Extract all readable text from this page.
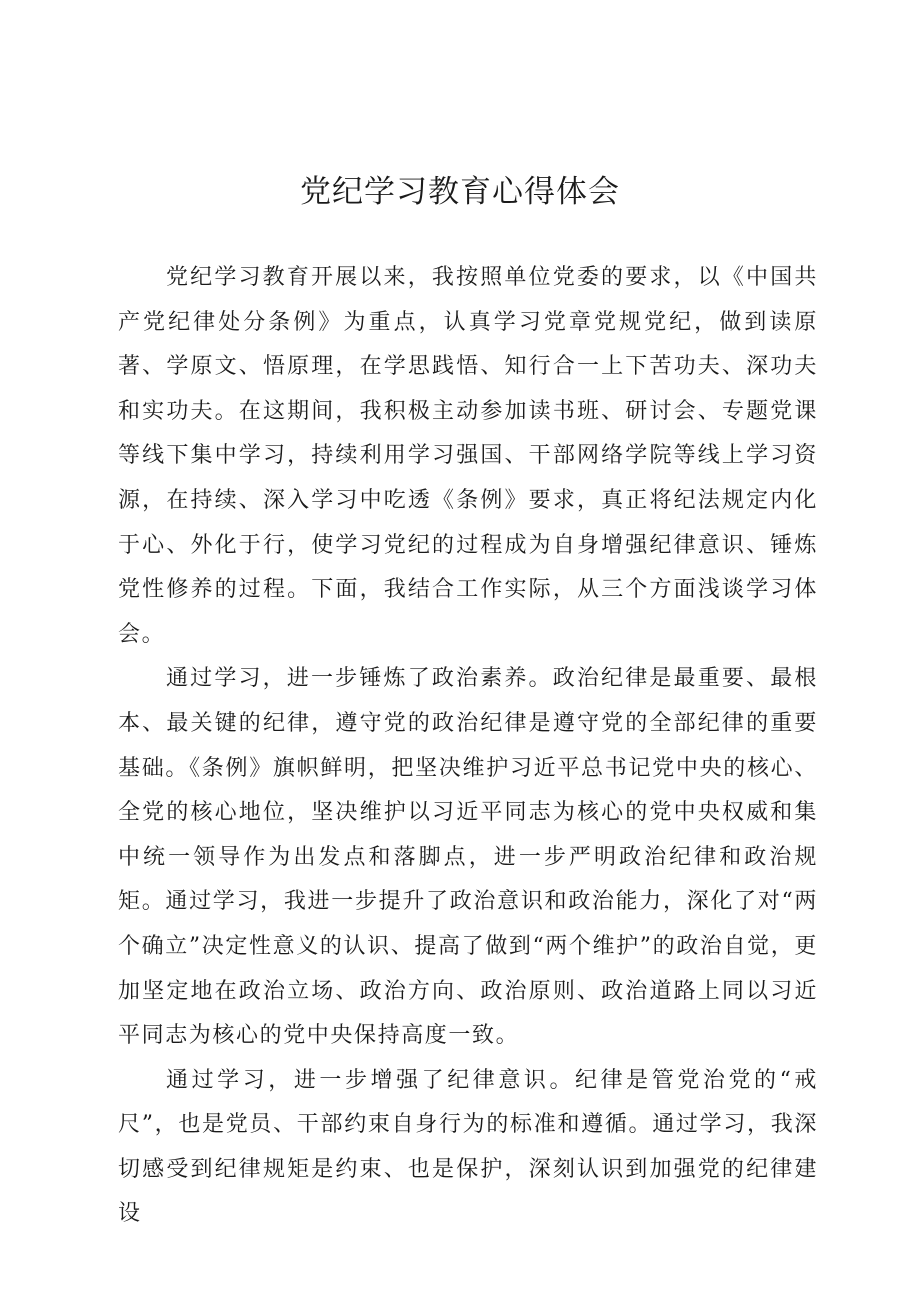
党纪学习教育心得体会

党纪学习教育开展以来，我按照单位党委的要求，以《中国共产党纪律处分条例》为重点，认真学习党章党规党纪，做到读原著、学原文、悟原理，在学思践悟、知行合一上下苦功夫、深功夫和实功夫。在这期间，我积极主动参加读书班、研讨会、专题党课等线下集中学习，持续利用学习强国、干部网络学院等线上学习资源，在持续、深入学习中吃透《条例》要求，真正将纪法规定内化于心、外化于行，使学习党纪的过程成为自身增强纪律意识、锤炼党性修养的过程。下面，我结合工作实际，从三个方面浅谈学习体会。

通过学习，进一步锤炼了政治素养。政治纪律是最重要、最根本、最关键的纪律，遵守党的政治纪律是遵守党的全部纪律的重要基础。《条例》旗帜鲜明，把坚决维护习近平总书记党中央的核心、全党的核心地位，坚决维护以习近平同志为核心的党中央权威和集中统一领导作为出发点和落脚点，进一步严明政治纪律和政治规矩。通过学习，我进一步提升了政治意识和政治能力，深化了对“两个确立”决定性意义的认识、提高了做到“两个维护”的政治自觉，更加坚定地在政治立场、政治方向、政治原则、政治道路上同以习近平同志为核心的党中央保持高度一致。

通过学习，进一步增强了纪律意识。纪律是管党治党的“戒尺”，也是党员、干部约束自身行为的标准和遵循。通过学习，我深切感受到纪律规矩是约束、也是保护，深刻认识到加强党的纪律建设
